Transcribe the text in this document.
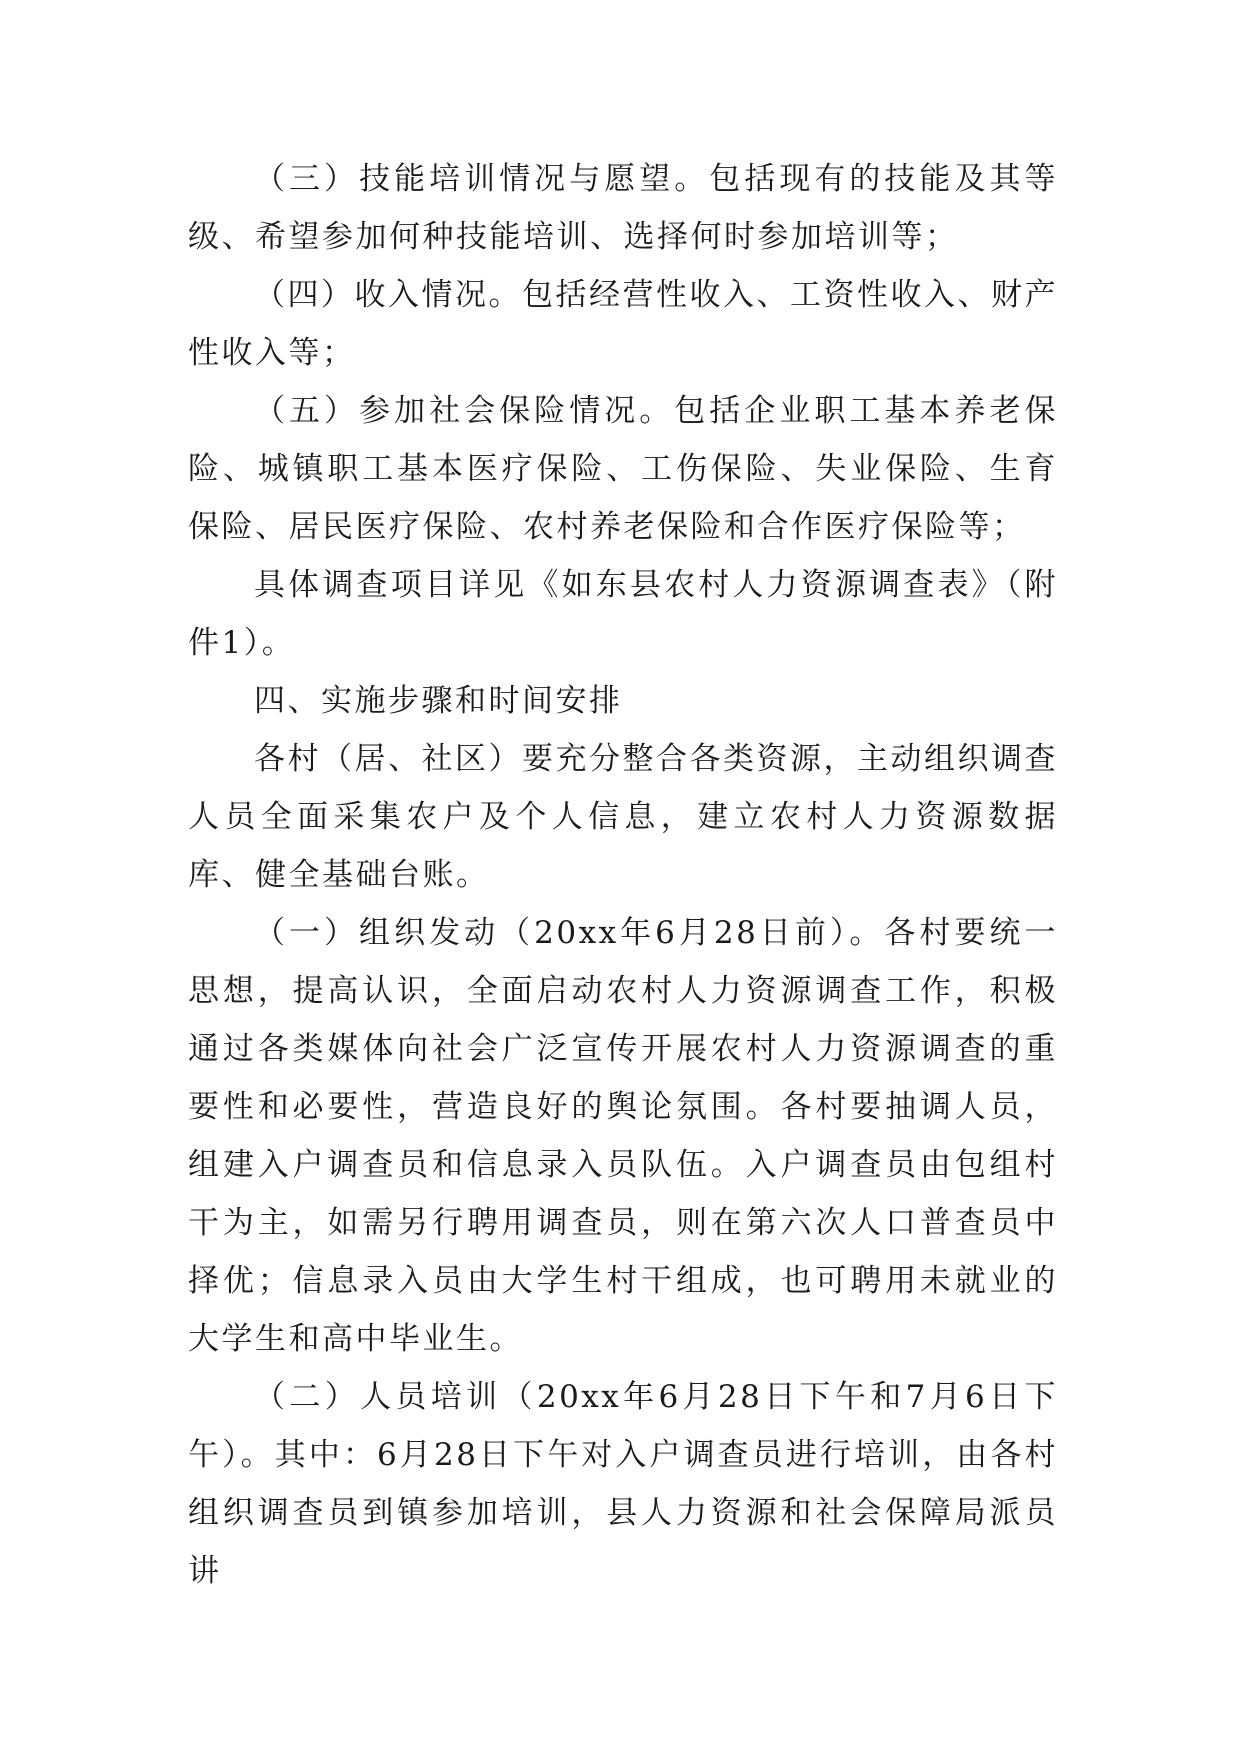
（三）技能培训情况与愿望。包括现有的技能及其等级、希望参加何种技能培训、选择何时参加培训等；

（四）收入情况。包括经营性收入、工资性收入、财产性收入等；

（五）参加社会保险情况。包括企业职工基本养老保险、城镇职工基本医疗保险、工伤保险、失业保险、生育保险、居民医疗保险、农村养老保险和合作医疗保险等；

具体调查项目详见《如东县农村人力资源调查表》（附件1）。

四、实施步骤和时间安排

各村（居、社区）要充分整合各类资源，主动组织调查人员全面采集农户及个人信息，建立农村人力资源数据库、健全基础台账。

（一）组织发动（20xx年6月28日前）。各村要统一思想，提高认识，全面启动农村人力资源调查工作，积极通过各类媒体向社会广泛宣传开展农村人力资源调查的重要性和必要性，营造良好的舆论氛围。各村要抽调人员，组建入户调查员和信息录入员队伍。入户调查员由包组村干为主，如需另行聘用调查员，则在第六次人口普查员中择优；信息录入员由大学生村干组成，也可聘用未就业的大学生和高中毕业生。

（二）人员培训（20xx年6月28日下午和7月6日下午）。其中：6月28日下午对入户调查员进行培训，由各村组织调查员到镇参加培训，县人力资源和社会保障局派员讲
